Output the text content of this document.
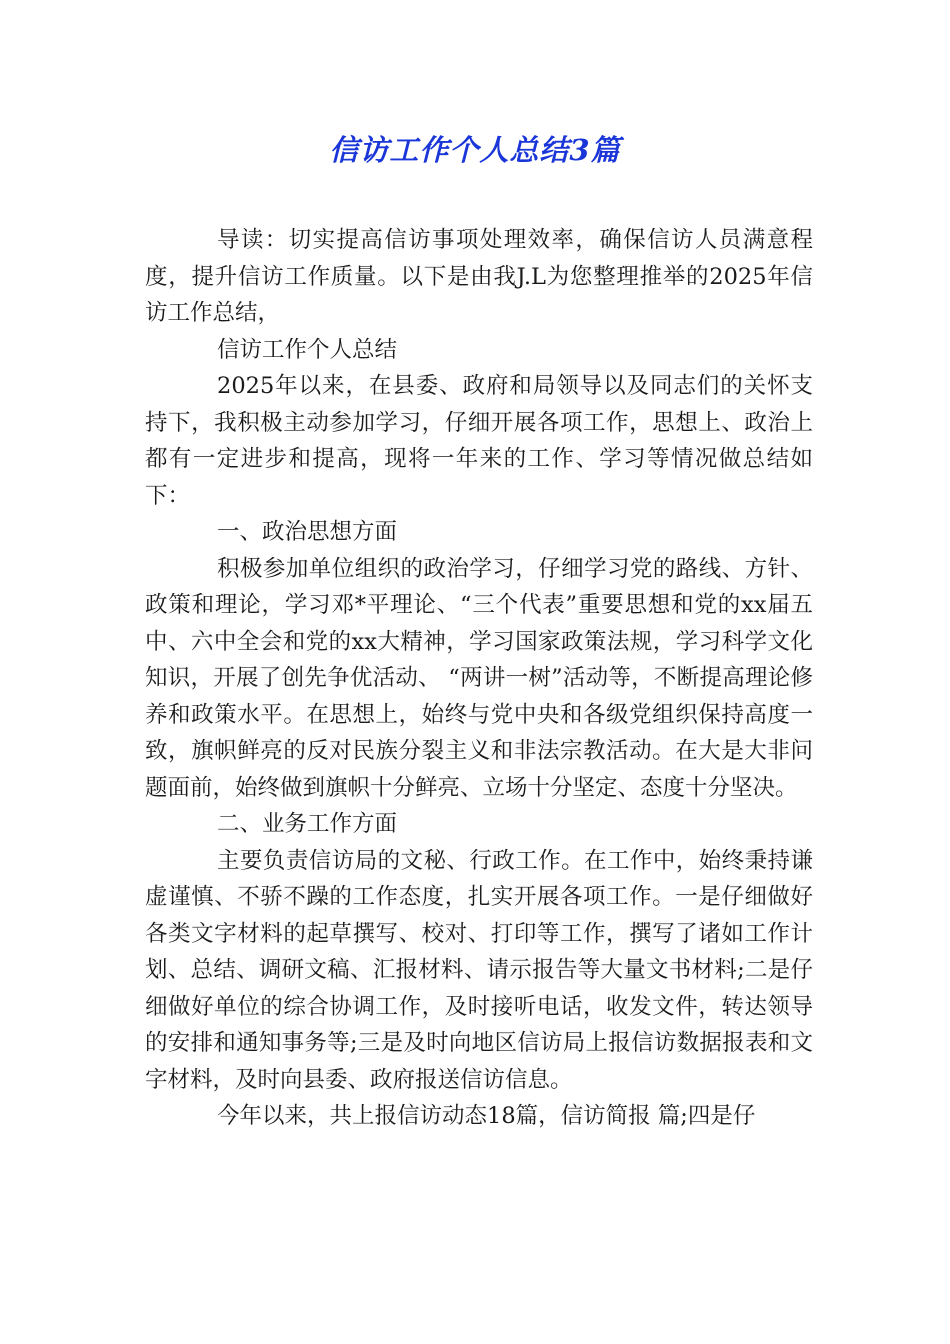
信访工作个人总结3篇

导读：切实提高信访事项处理效率，确保信访人员满意程度，提升信访工作质量。以下是由我J.L为您整理推举的2025年信访工作总结，

信访工作个人总结

2025年以来，在县委、政府和局领导以及同志们的关怀支持下，我积极主动参加学习，仔细开展各项工作，思想上、政治上都有一定进步和提高，现将一年来的工作、学习等情况做总结如下：

一、政治思想方面

积极参加单位组织的政治学习，仔细学习党的路线、方针、政策和理论，学习邓*平理论、“三个代表”重要思想和党的xx届五中、六中全会和党的xx大精神，学习国家政策法规，学习科学文化知识，开展了创先争优活动、 “两讲一树”活动等，不断提高理论修养和政策水平。在思想上，始终与党中央和各级党组织保持高度一致，旗帜鲜亮的反对民族分裂主义和非法宗教活动。在大是大非问题面前，始终做到旗帜十分鲜亮、立场十分坚定、态度十分坚决。

二、业务工作方面

主要负责信访局的文秘、行政工作。在工作中，始终秉持谦虚谨慎、不骄不躁的工作态度，扎实开展各项工作。一是仔细做好各类文字材料的起草撰写、校对、打印等工作，撰写了诸如工作计划、总结、调研文稿、汇报材料、请示报告等大量文书材料;二是仔细做好单位的综合协调工作，及时接听电话，收发文件，转达领导的安排和通知事务等;三是及时向地区信访局上报信访数据报表和文字材料，及时向县委、政府报送信访信息。

今年以来，共上报信访动态18篇，信访简报 篇;四是仔
